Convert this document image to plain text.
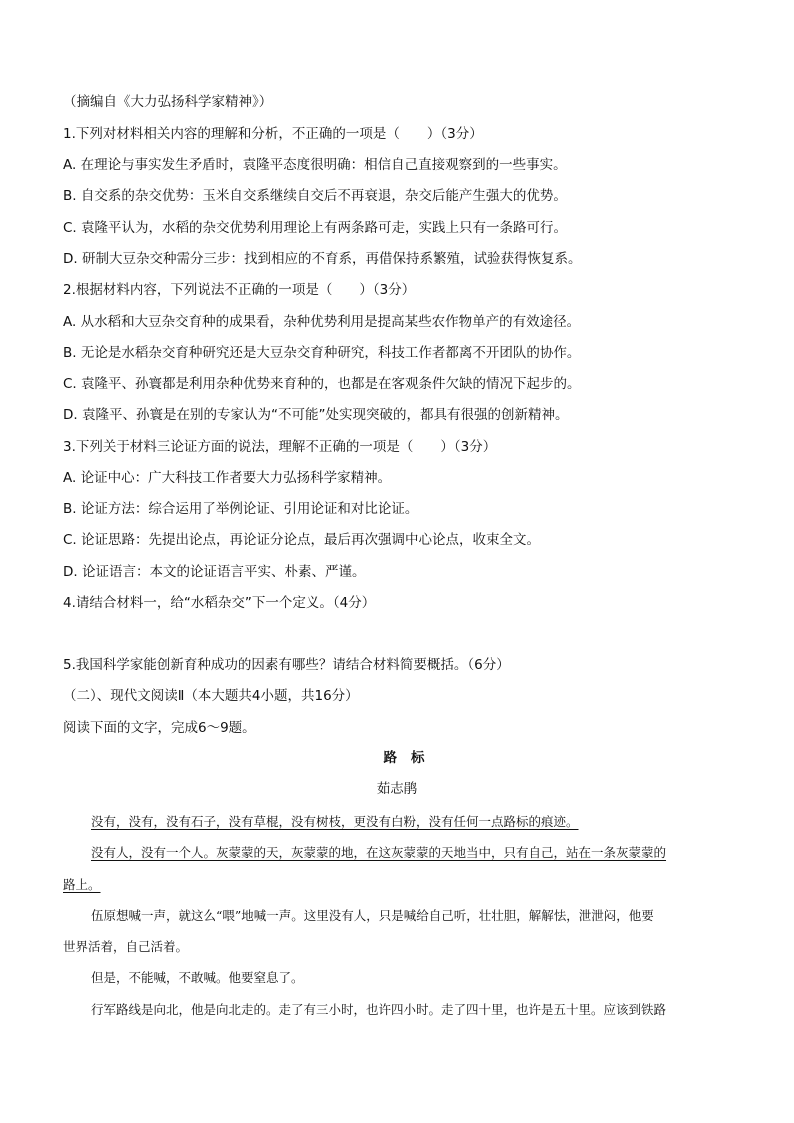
（摘编自《大力弘扬科学家精神》）
1.下列对材料相关内容的理解和分析，不正确的一项是（　　）（3分）
A. 在理论与事实发生矛盾时，袁隆平态度很明确：相信自己直接观察到的一些事实。
B. 自交系的杂交优势：玉米自交系继续自交后不再衰退，杂交后能产生强大的优势。
C. 袁隆平认为，水稻的杂交优势利用理论上有两条路可走，实践上只有一条路可行。
D. 研制大豆杂交种需分三步：找到相应的不育系，再借保持系繁殖，试验获得恢复系。
2.根据材料内容，下列说法不正确的一项是（　　）（3分）
A. 从水稻和大豆杂交育种的成果看，杂种优势利用是提高某些农作物单产的有效途径。
B. 无论是水稻杂交育种研究还是大豆杂交育种研究，科技工作者都离不开团队的协作。
C. 袁隆平、孙寰都是利用杂种优势来育种的，也都是在客观条件欠缺的情况下起步的。
D. 袁隆平、孙寰是在别的专家认为“不可能”处实现突破的，都具有很强的创新精神。
3.下列关于材料三论证方面的说法，理解不正确的一项是（　　）（3分）
A. 论证中心：广大科技工作者要大力弘扬科学家精神。
B. 论证方法：综合运用了举例论证、引用论证和对比论证。
C. 论证思路：先提出论点，再论证分论点，最后再次强调中心论点，收束全文。
D. 论证语言：本文的论证语言平实、朴素、严谨。
4.请结合材料一，给“水稻杂交”下一个定义。（4分）
5.我国科学家能创新育种成功的因素有哪些？请结合材料简要概括。（6分）
（二）、现代文阅读Ⅱ（本大题共4小题，共16分）
阅读下面的文字，完成6～9题。
路标
茹志鹃
没有，没有，没有石子，没有草棍，没有树枝，更没有白粉，没有任何一点路标的痕迹。
没有人，没有一个人。灰蒙蒙的天，灰蒙蒙的地，在这灰蒙蒙的天地当中，只有自己，站在一条灰蒙蒙的
路上。
伍原想喊一声，就这么“喂”地喊一声。这里没有人，只是喊给自己听，壮壮胆，解解怯，泄泄闷，他要
世界活着，自己活着。
但是，不能喊，不敢喊。他要窒息了。
行军路线是向北，他是向北走的。走了有三小时，也许四小时。走了四十里，也许是五十里。应该到铁路
